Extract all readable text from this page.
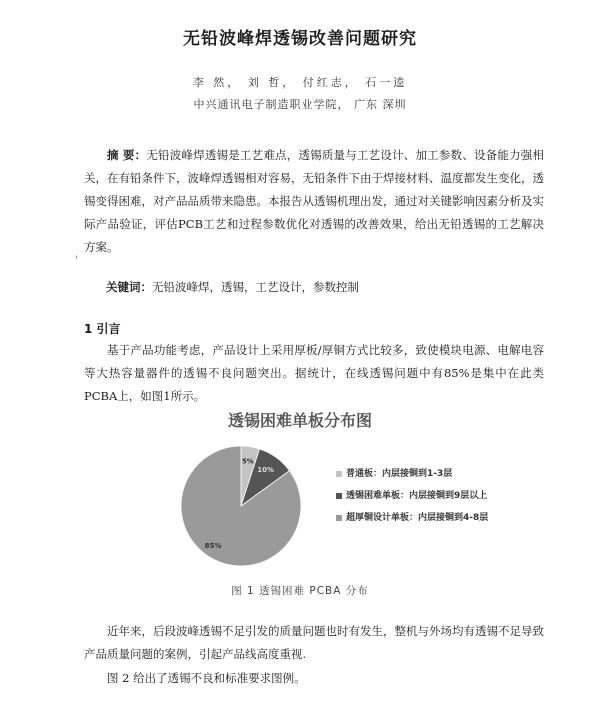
无铅波峰焊透锡改善问题研究
李 然， 刘 哲， 付红志， 石一逵
中兴通讯电子制造职业学院， 广东 深圳
摘 要：无铅波峰焊透锡是工艺难点，透锡质量与工艺设计、加工参数、设备能力强相关，在有铅条件下，波峰焊透锡相对容易，无铅条件下由于焊接材料、温度都发生变化，透锡变得困难，对产品品质带来隐患。本报告从透锡机理出发，通过对关键影响因素分析及实际产品验证，评估PCB工艺和过程参数优化对透锡的改善效果，给出无铅透锡的工艺解决方案。
'
关键词：无铅波峰焊，透锡，工艺设计，参数控制
1 引言
基于产品功能考虑，产品设计上采用厚板/厚铜方式比较多，致使模块电源、电解电容等大热容量器件的透锡不良问题突出。据统计，在线透锡问题中有85%是集中在此类PCBA上，如图1所示。
透锡困难单板分布图
5%
10%
85%
普通板：内层接铜到1-3层
透锡困难单板：内层接铜到9层以上
超厚铜设计单板：内层接铜到4-8层
图 1 透锡困难 PCBA 分布
近年来，后段波峰透锡不足引发的质量问题也时有发生，整机与外场均有透锡不足导致产品质量问题的案例，引起产品线高度重视.
图 2 给出了透锡不良和标准要求图例。
